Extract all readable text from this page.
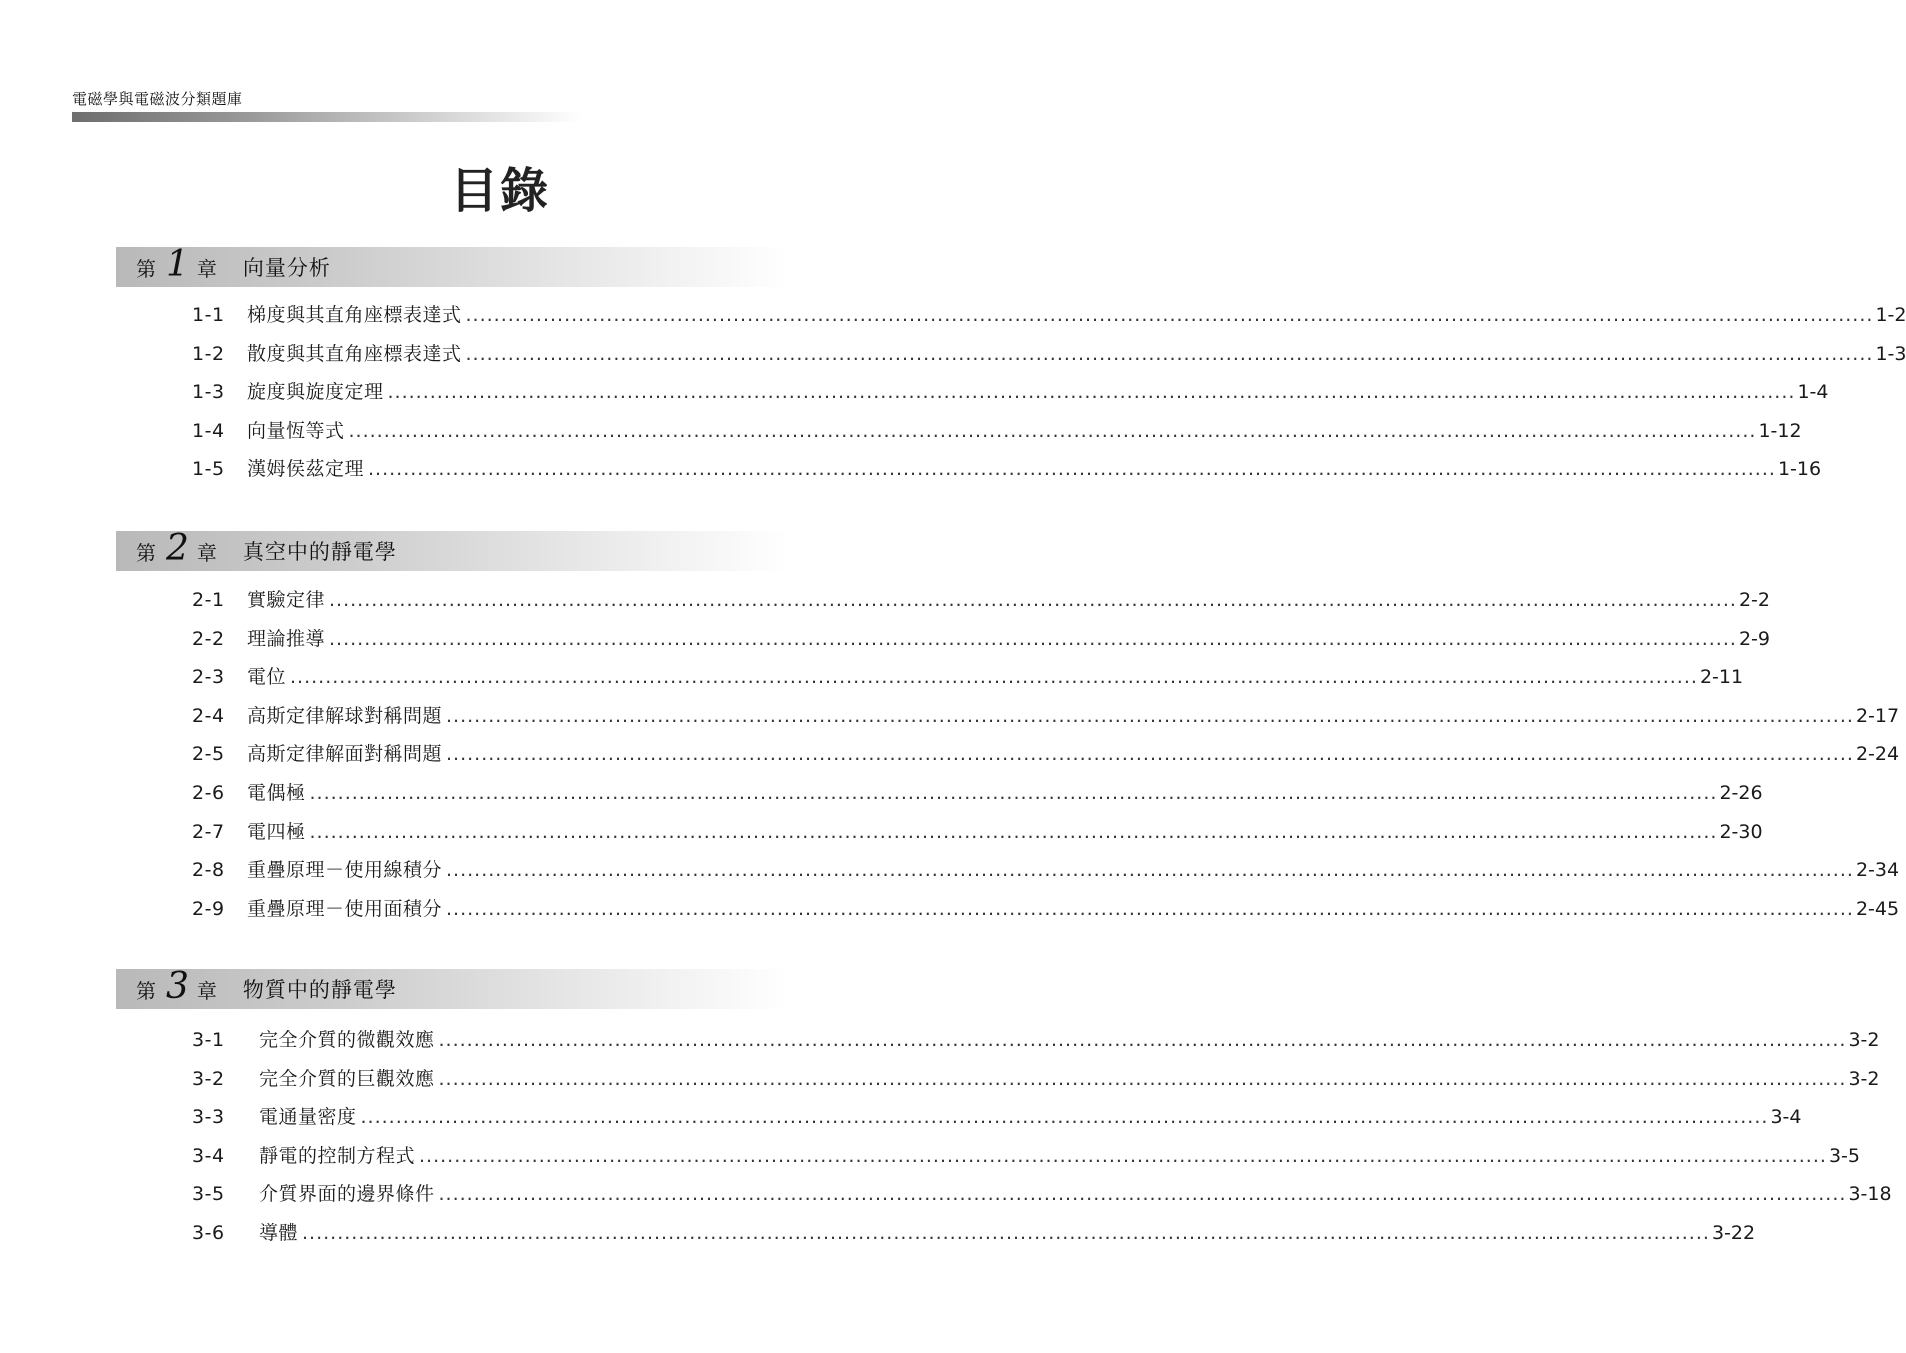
電磁學與電磁波分類題庫
目錄
第 1 章 向量分析
1-1	梯度與其直角座標表達式 ........................................................................................................................................................................................................ 1-2
1-2	散度與其直角座標表達式 ........................................................................................................................................................................................................ 1-3
1-3	旋度與旋度定理 ........................................................................................................................................................................................................ 1-4
1-4	向量恆等式 ........................................................................................................................................................................................................ 1-12
1-5	漢姆侯茲定理 ........................................................................................................................................................................................................ 1-16
第 2 章 真空中的靜電學
2-1	實驗定律 ........................................................................................................................................................................................................ 2-2
2-2	理論推導 ........................................................................................................................................................................................................ 2-9
2-3	電位 ........................................................................................................................................................................................................ 2-11
2-4	高斯定律解球對稱問題 ........................................................................................................................................................................................................ 2-17
2-5	高斯定律解面對稱問題 ........................................................................................................................................................................................................ 2-24
2-6	電偶極 ........................................................................................................................................................................................................ 2-26
2-7	電四極 ........................................................................................................................................................................................................ 2-30
2-8	重疊原理－使用線積分 ........................................................................................................................................................................................................ 2-34
2-9	重疊原理－使用面積分 ........................................................................................................................................................................................................ 2-45
第 3 章 物質中的靜電學
3-1	完全介質的微觀效應 ........................................................................................................................................................................................................ 3-2
3-2	完全介質的巨觀效應 ........................................................................................................................................................................................................ 3-2
3-3	電通量密度 ........................................................................................................................................................................................................ 3-4
3-4	靜電的控制方程式 ........................................................................................................................................................................................................ 3-5
3-5	介質界面的邊界條件 ........................................................................................................................................................................................................ 3-18
3-6	導體 ........................................................................................................................................................................................................ 3-22
